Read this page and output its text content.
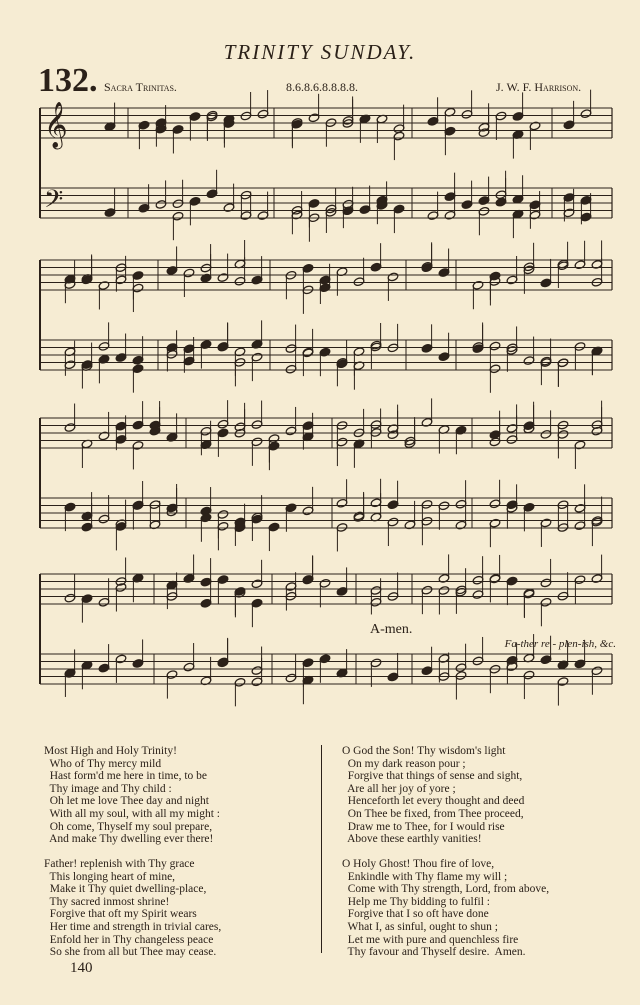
TRINITY SUNDAY.
132. Sacra Trinitas.	8.6.8.6.8.8.8.8.	J. W. F. Harrison.
𝄞
𝄢
A-men.
Fa-ther re - plen-ish, &c.
Most High and Holy Trinity!
Who of Thy mercy mild
Hast form'd me here in time, to be
Thy image and Thy child :
Oh let me love Thee day and night
With all my soul, with all my might :
Oh come, Thyself my soul prepare,
And make Thy dwelling ever there!
Father! replenish with Thy grace
This longing heart of mine,
Make it Thy quiet dwelling-place,
Thy sacred inmost shrine!
Forgive that oft my Spirit wears
Her time and strength in trivial cares,
Enfold her in Thy changeless peace
So she from all but Thee may cease.
O God the Son! Thy wisdom's light
On my dark reason pour ;
Forgive that things of sense and sight,
Are all her joy of yore ;
Henceforth let every thought and deed
On Thee be fixed, from Thee proceed,
Draw me to Thee, for I would rise
Above these earthly vanities!
O Holy Ghost! Thou fire of love,
Enkindle with Thy flame my will ;
Come with Thy strength, Lord, from above,
Help me Thy bidding to fulfil :
Forgive that I so oft have done
What I, as sinful, ought to shun ;
Let me with pure and quenchless fire
Thy favour and Thyself desire.  Amen.
140
